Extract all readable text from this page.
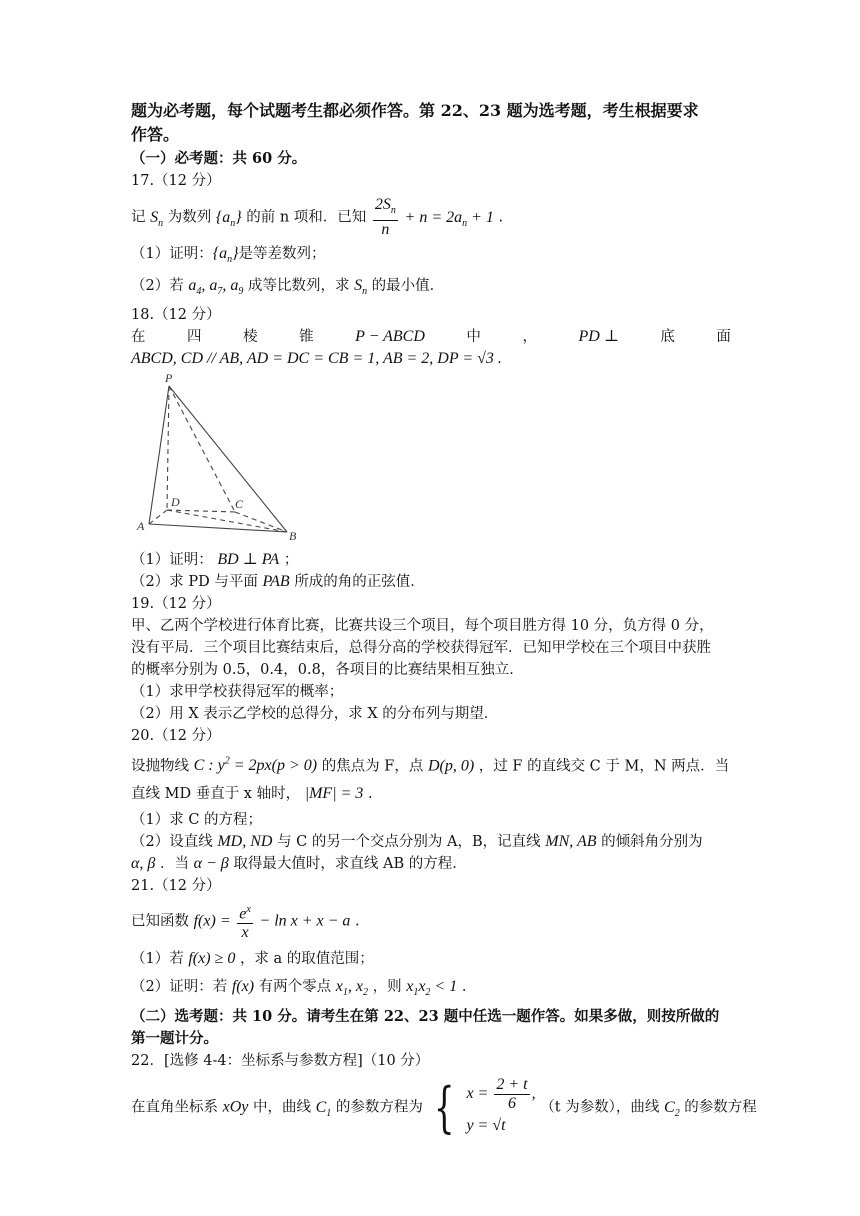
题为必考题，每个试题考生都必须作答。第 22、23 题为选考题，考生根据要求
作答。
（一）必考题：共 60 分。
17.（12 分）
记 $S_n$ 为数列 $\{a_n\}$ 的前 n 项和．已知 $\frac{2S_n}{n} + n = 2a_n + 1$ .
（1）证明：$\{a_n\}$是等差数列；
（2）若 $a_4$, $a_7$, $a_9$ 成等比数列，求 $S_n$ 的最小值．
18.（12 分）
在	四	棱	锥	P − ABCD	中	，	PD ⊥	底	面
ABCD, CD // AB, AD = DC = CB = 1, AB = 2, DP = √3 .
P
A
B
C
D
（1）证明： BD ⊥ PA ；
（2）求 PD 与平面 PAB 所成的角的正弦值．
19.（12 分）
甲、乙两个学校进行体育比赛，比赛共设三个项目，每个项目胜方得 10 分，负方得 0 分，
没有平局．三个项目比赛结束后，总得分高的学校获得冠军．已知甲学校在三个项目中获胜
的概率分别为 0.5，0.4，0.8，各项目的比赛结果相互独立．
（1）求甲学校获得冠军的概率；
（2）用 X 表示乙学校的总得分，求 X 的分布列与期望．
20.（12 分）
设抛物线 C : $y^2 = 2px(p > 0)$ 的焦点为 F，点 D(p, 0) ，过 F 的直线交 C 于 M，N 两点．当
直线 MD 垂直于 x 轴时， |MF| = 3 .
（1）求 C 的方程；
（2）设直线 MD, ND 与 C 的另一个交点分别为 A，B，记直线 MN, AB 的倾斜角分别为
α, β ．当 α − β 取得最大值时，求直线 AB 的方程．
21.（12 分）
已知函数 $f(x) = \frac{e^x}{x} - \ln x + x - a$ .
（1）若 f(x) ≥ 0 ，求 a 的取值范围；
（2）证明：若 f(x) 有两个零点 $x_1$, $x_2$ ，则 $x_1x_2 < 1$ .
（二）选考题：共 10 分。请考生在第 22、23 题中任选一题作答。如果多做，则按所做的
第一题计分。
22．[选修 4-4：坐标系与参数方程]（10 分）
在直角坐标系 xOy 中，曲线 $C_1$ 的参数方程为 { $x = \frac{2 + t}{6}$ ,
y = √t
（t 为参数），曲线 $C_2$ 的参数方程
